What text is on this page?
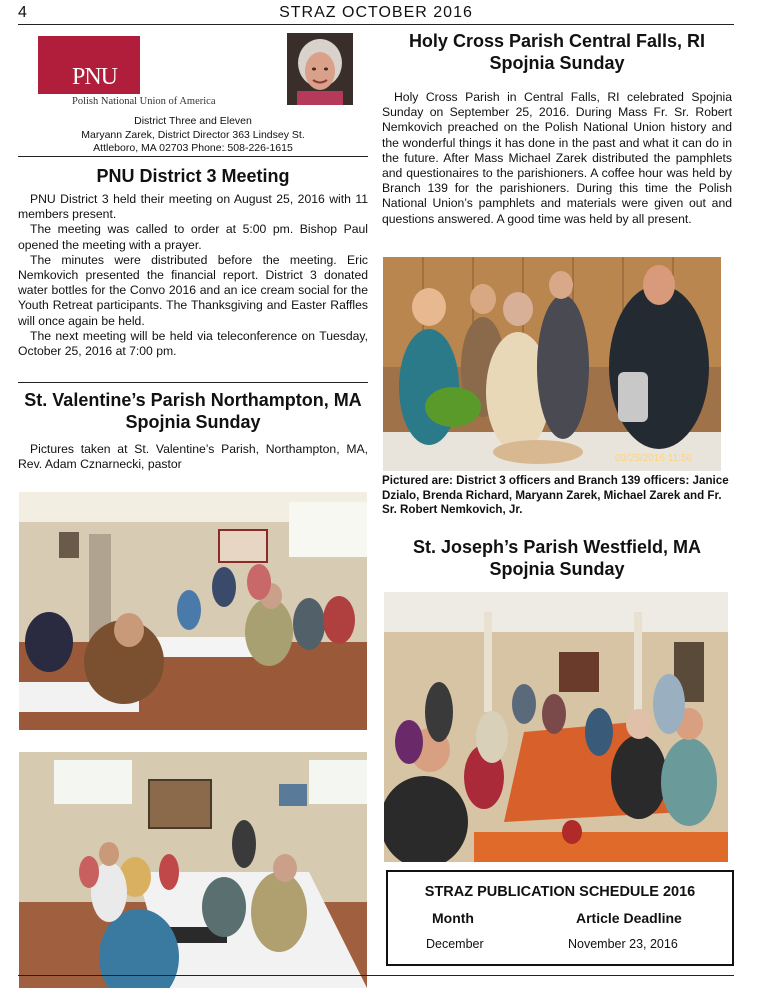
4	STRAZ OCTOBER 2016
PNU
Polish National Union of America
District Three and Eleven
Maryann Zarek, District Director 363 Lindsey St.
Attleboro, MA 02703 Phone: 508-226-1615
PNU District 3 Meeting

PNU District 3 held their meeting on August 25, 2016 with 11 members present.

The meeting was called to order at 5:00 pm. Bishop Paul opened the meeting with a prayer.

The minutes were distributed before the meeting. Eric Nemkovich presented the financial report. District 3 donated water bottles for the Convo 2016 and an ice cream social for the Youth Retreat participants. The Thanksgiving and Easter Raffles will once again be held.

The next meeting will be held via teleconference on Tuesday, October 25, 2016 at 7:00 pm.

St. Valentine’s Parish Northampton, MA
Spojnia Sunday

Pictures taken at St. Valentine’s Parish, Northampton, MA, Rev. Adam Cznarnecki, pastor

Holy Cross Parish Central Falls, RI
Spojnia Sunday

Holy Cross Parish in Central Falls, RI celebrated Spojnia Sunday on September 25, 2016. During Mass Fr. Sr. Robert Nemkovich preached on the Polish National Union history and the wonderful things it has done in the past and what it can do in the future. After Mass Michael Zarek distributed the pamphlets and questionaires to the parishioners. A coffee hour was held by Branch 139 for the parishioners. During this time the Polish National Union’s pamphlets and materials were given out and questions answered. A good time was held by all present.

09/25/2016 11:56
Pictured are: District 3 officers and Branch 139 officers: Janice Dzialo, Brenda Richard, Maryann Zarek, Michael Zarek and Fr. Sr. Robert Nemkovich, Jr.
St. Joseph’s Parish Westfield, MA
Spojnia Sunday
STRAZ PUBLICATION SCHEDULE 2016
Month	Article Deadline
December	November 23, 2016
